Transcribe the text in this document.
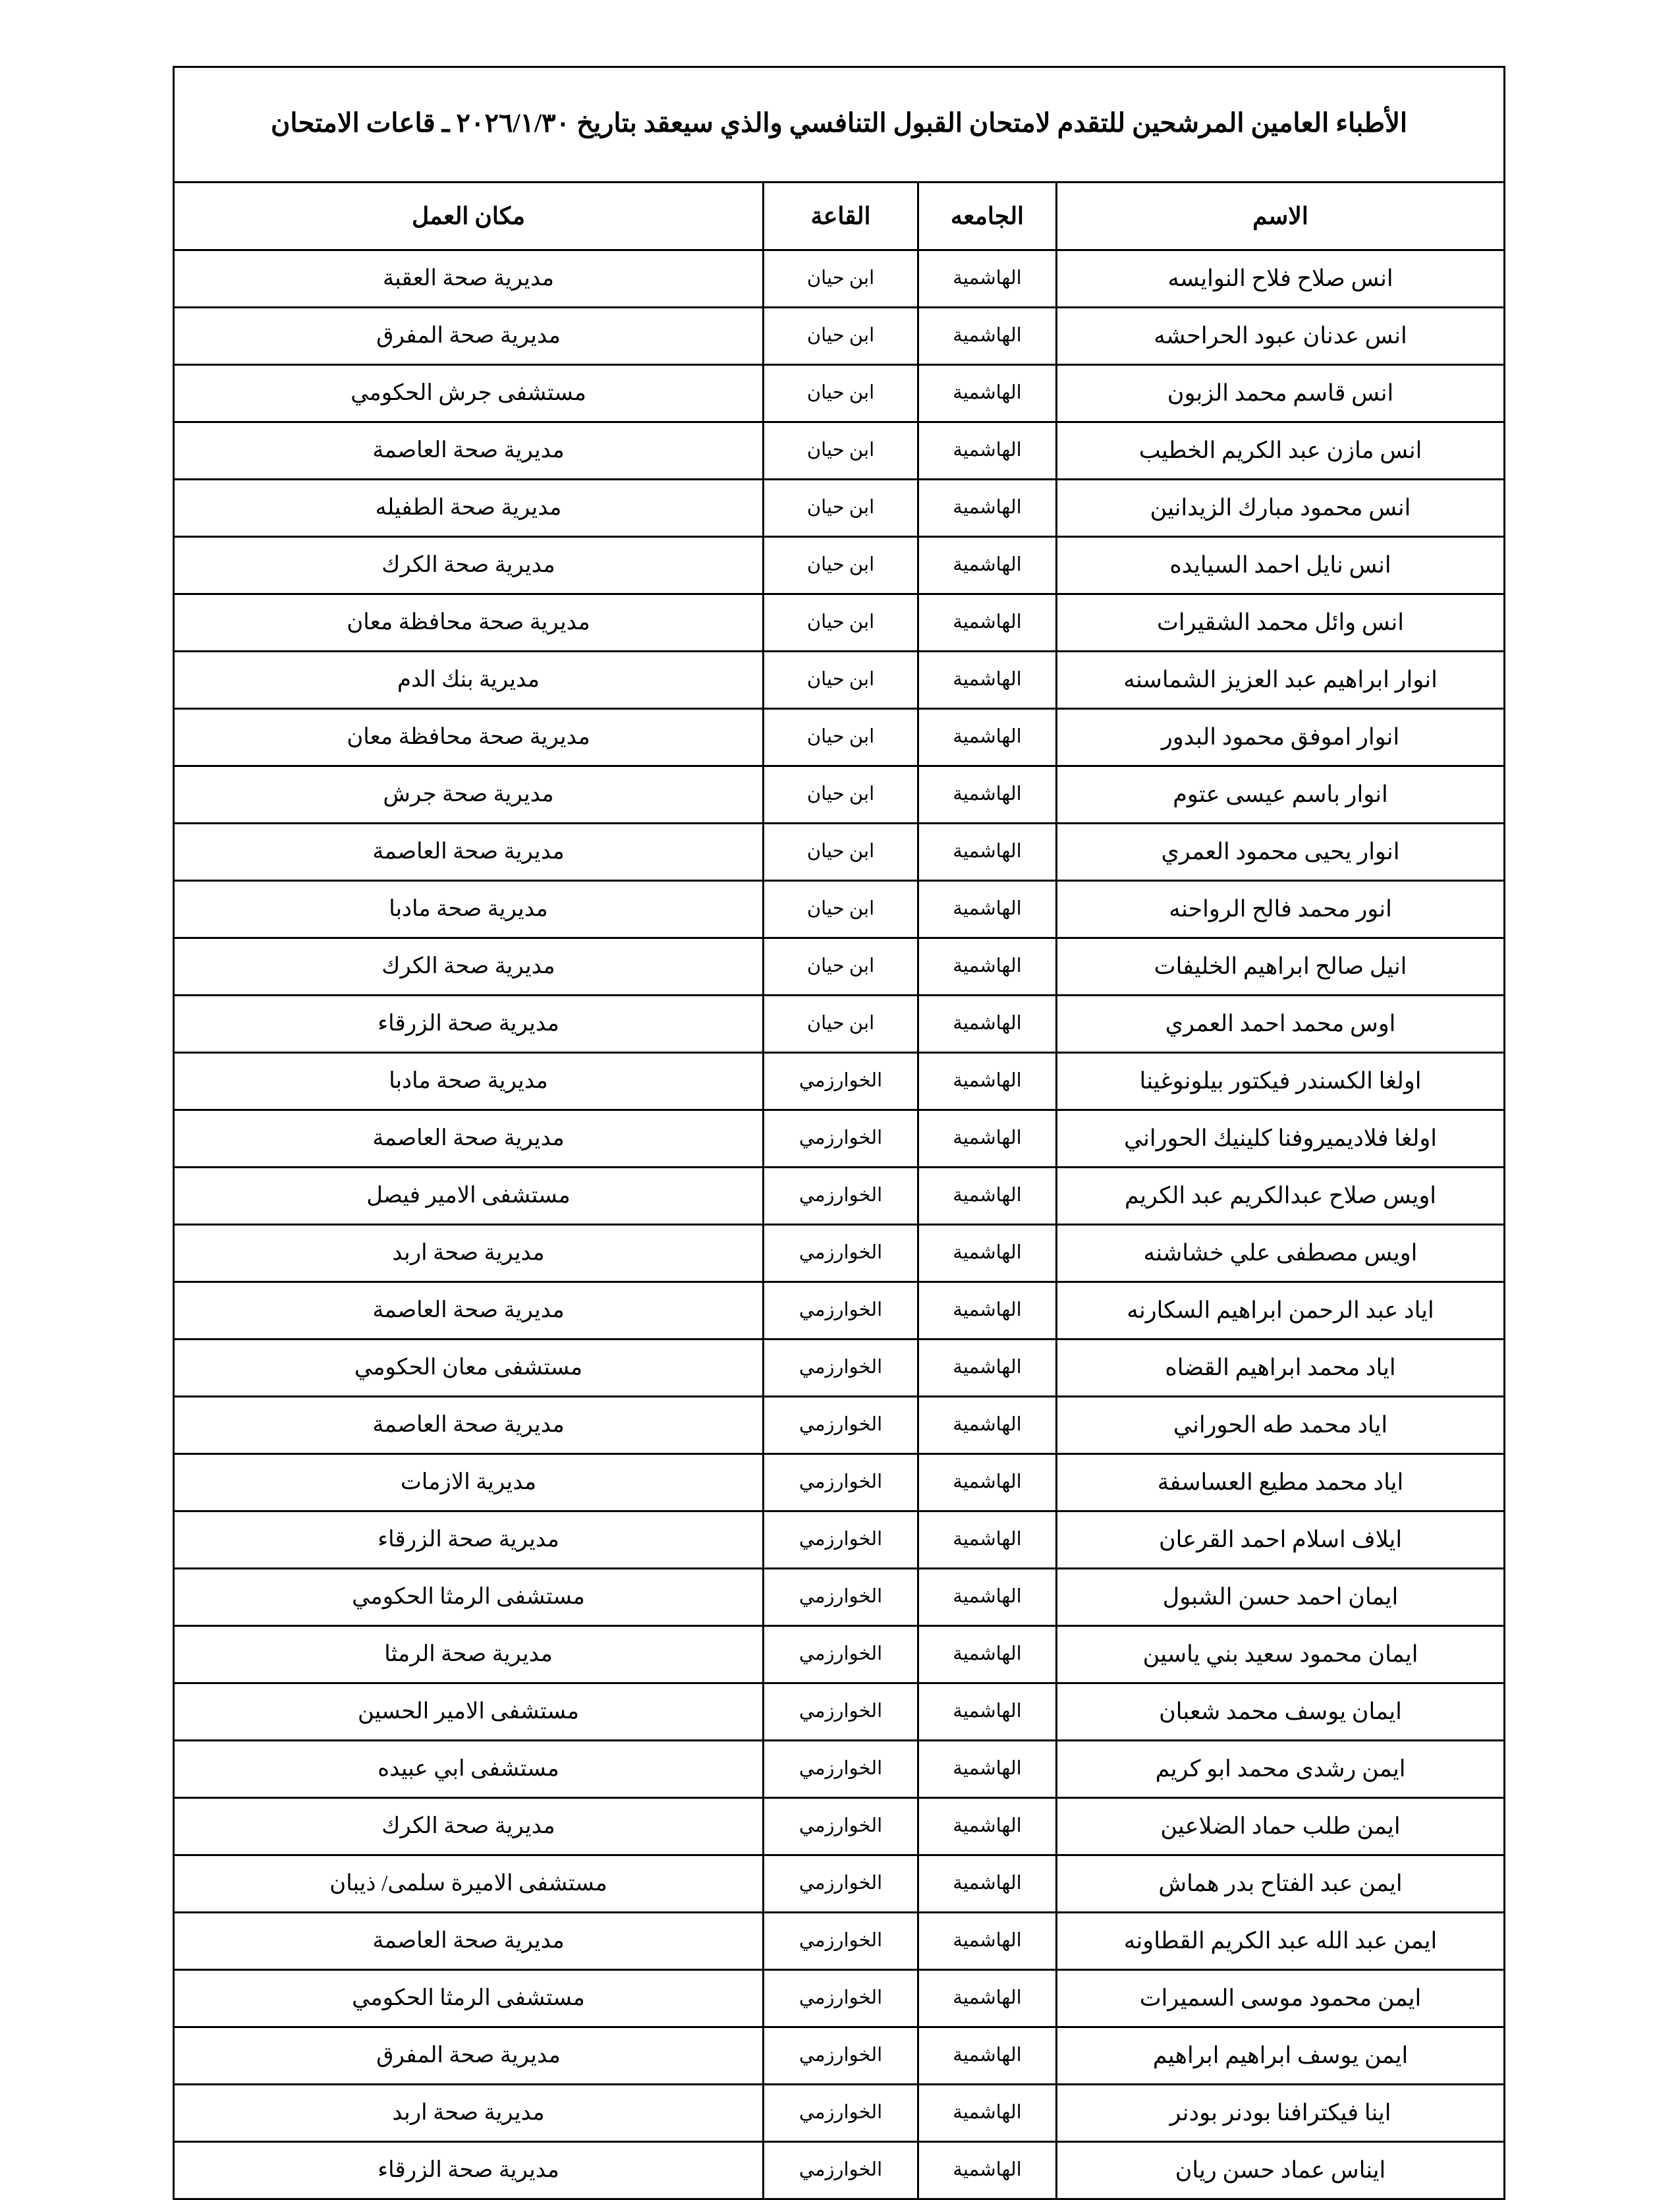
الأطباء العامين المرشحين للتقدم لامتحان القبول التنافسي والذي سيعقد بتاريخ ٢٠٢٦/١/٣٠ ـ قاعات الامتحان			
الاسم	الجامعه	القاعة	مكان العمل
انس صلاح فلاح النوايسه	الهاشمية	ابن حيان	مديرية صحة العقبة
انس عدنان عبود الحراحشه	الهاشمية	ابن حيان	مديرية صحة المفرق
انس قاسم محمد الزبون	الهاشمية	ابن حيان	مستشفى جرش الحكومي
انس مازن عبد الكريم الخطيب	الهاشمية	ابن حيان	مديرية صحة العاصمة
انس محمود مبارك الزيدانين	الهاشمية	ابن حيان	مديرية صحة الطفيله
انس نايل احمد السيايده	الهاشمية	ابن حيان	مديرية صحة الكرك
انس وائل محمد الشقيرات	الهاشمية	ابن حيان	مديرية صحة محافظة معان
انوار ابراهيم عبد العزيز الشماسنه	الهاشمية	ابن حيان	مديرية بنك الدم
انوار اموفق محمود البدور	الهاشمية	ابن حيان	مديرية صحة محافظة معان
انوار باسم عيسى عتوم	الهاشمية	ابن حيان	مديرية صحة جرش
انوار يحيى محمود العمري	الهاشمية	ابن حيان	مديرية صحة العاصمة
انور محمد فالح الرواحنه	الهاشمية	ابن حيان	مديرية صحة مادبا
انيل صالح ابراهيم الخليفات	الهاشمية	ابن حيان	مديرية صحة الكرك
اوس محمد احمد العمري	الهاشمية	ابن حيان	مديرية صحة الزرقاء
اولغا الكسندر فيكتور بيلونوغينا	الهاشمية	الخوارزمي	مديرية صحة مادبا
اولغا فلاديميروفنا كلينيك الحوراني	الهاشمية	الخوارزمي	مديرية صحة العاصمة
اويس صلاح عبدالكريم عبد الكريم	الهاشمية	الخوارزمي	مستشفى الامير فيصل
اويس مصطفى علي خشاشنه	الهاشمية	الخوارزمي	مديرية صحة اربد
اياد عبد الرحمن ابراهيم السكارنه	الهاشمية	الخوارزمي	مديرية صحة العاصمة
اياد محمد ابراهيم القضاه	الهاشمية	الخوارزمي	مستشفى معان الحكومي
اياد محمد طه الحوراني	الهاشمية	الخوارزمي	مديرية صحة العاصمة
اياد محمد مطيع العساسفة	الهاشمية	الخوارزمي	مديرية الازمات
ايلاف اسلام احمد القرعان	الهاشمية	الخوارزمي	مديرية صحة الزرقاء
ايمان احمد حسن الشبول	الهاشمية	الخوارزمي	مستشفى الرمثا الحكومي
ايمان محمود سعيد بني ياسين	الهاشمية	الخوارزمي	مديرية صحة الرمثا
ايمان يوسف محمد شعبان	الهاشمية	الخوارزمي	مستشفى الامير الحسين
ايمن رشدى محمد ابو كريم	الهاشمية	الخوارزمي	مستشفى ابي عبيده
ايمن طلب حماد الضلاعين	الهاشمية	الخوارزمي	مديرية صحة الكرك
ايمن عبد الفتاح بدر هماش	الهاشمية	الخوارزمي	مستشفى الاميرة سلمى/ ذيبان
ايمن عبد الله عبد الكريم القطاونه	الهاشمية	الخوارزمي	مديرية صحة العاصمة
ايمن محمود موسى السميرات	الهاشمية	الخوارزمي	مستشفى الرمثا الحكومي
ايمن يوسف ابراهيم ابراهيم	الهاشمية	الخوارزمي	مديرية صحة المفرق
اينا فيكترافنا بودنر بودنر	الهاشمية	الخوارزمي	مديرية صحة اربد
ايناس عماد حسن ريان	الهاشمية	الخوارزمي	مديرية صحة الزرقاء
